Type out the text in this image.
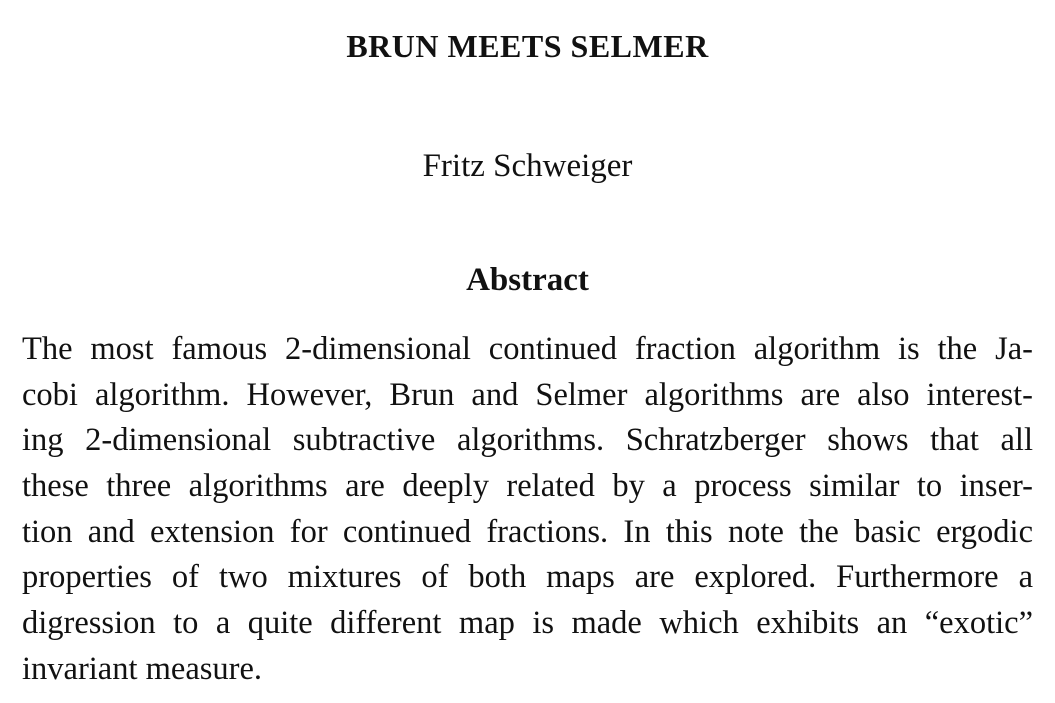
BRUN MEETS SELMER
Fritz Schweiger
Abstract
The most famous 2-dimensional continued fraction algorithm is the Ja-
cobi algorithm. However, Brun and Selmer algorithms are also interest-
ing 2-dimensional subtractive algorithms. Schratzberger shows that all
these three algorithms are deeply related by a process similar to inser-
tion and extension for continued fractions. In this note the basic ergodic
properties of two mixtures of both maps are explored. Furthermore a
digression to a quite different map is made which exhibits an “exotic”
invariant measure.
